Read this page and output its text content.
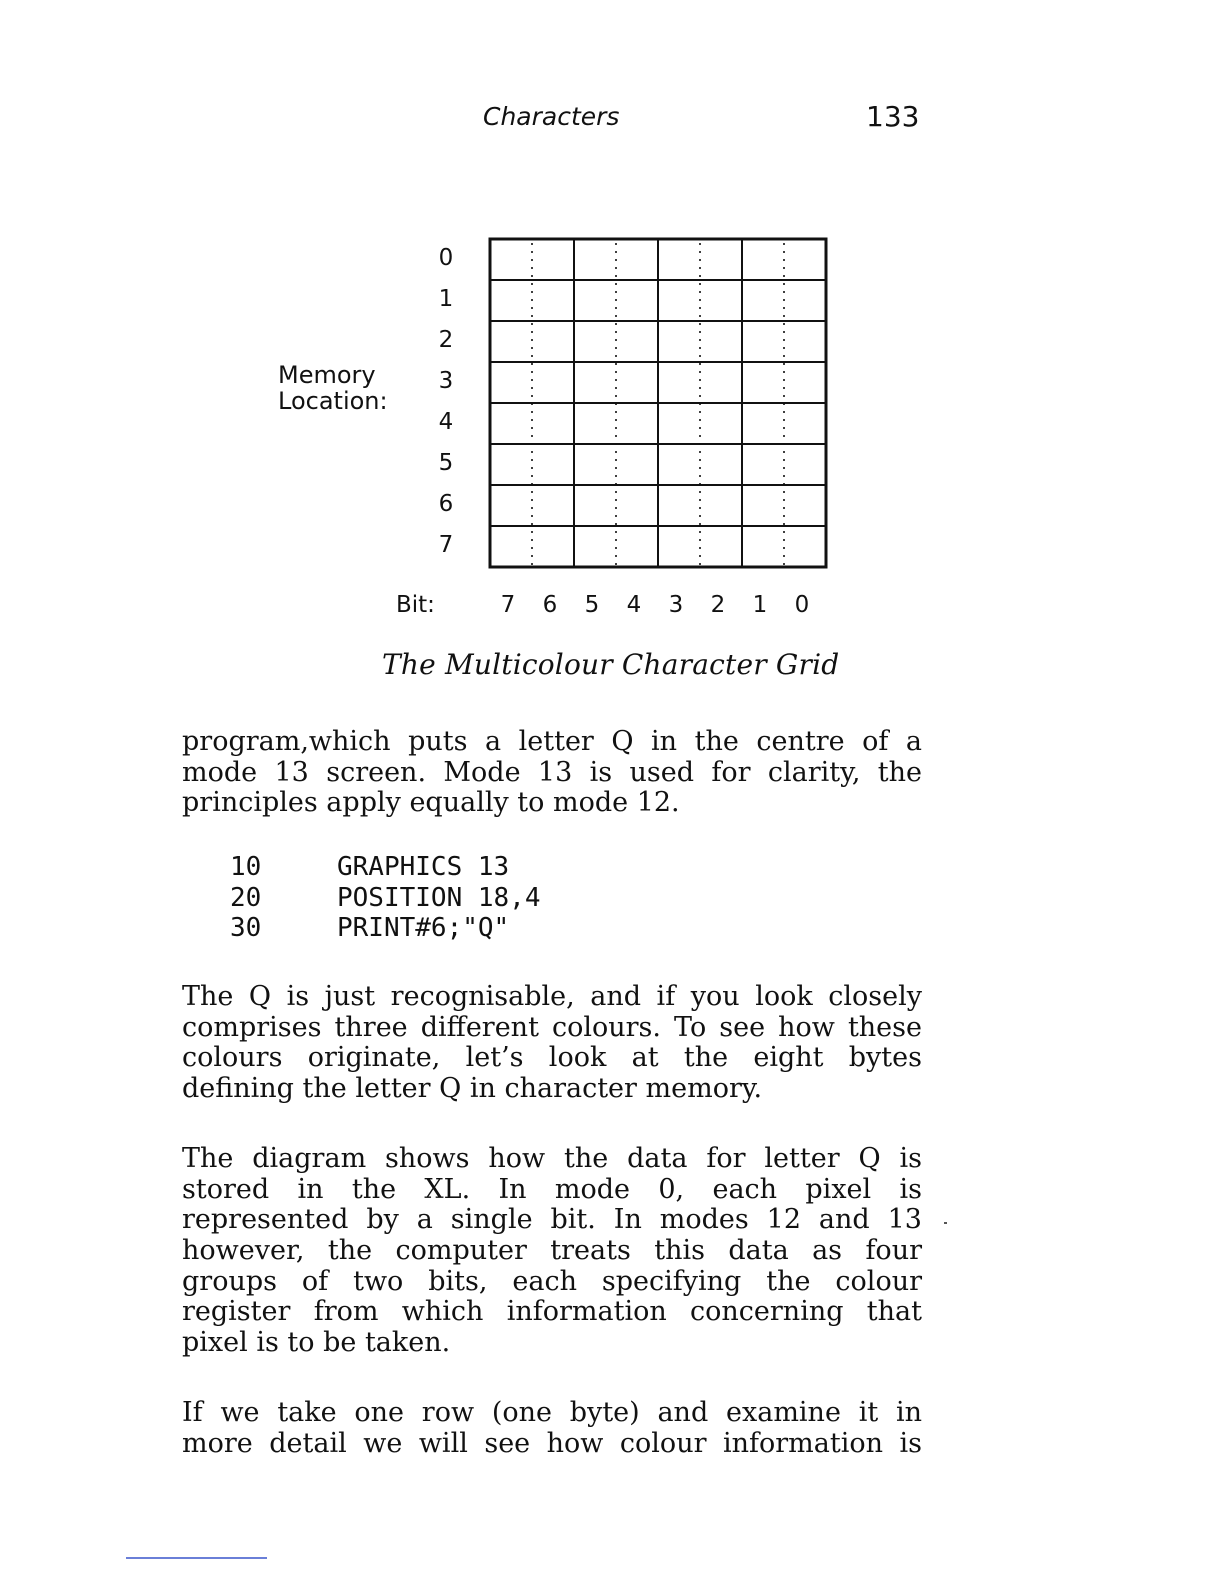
Characters	133
Memory
Location:
0
1
2
3
4
5
6
7
Bit:	7 6 5 4 3 2 1 0
The Multicolour Character Grid
program,which puts a letter Q in the centre of a
mode 13 screen. Mode 13 is used for clarity, the
principles apply equally to mode 12.
10	GRAPHICS 13
20	POSITION 18,4
30	PRINT#6;"Q"
The Q is just recognisable, and if you look closely
comprises three different colours. To see how these
colours originate, let’s look at the eight bytes
defining the letter Q in character memory.
The diagram shows how the data for letter Q is
stored in the XL. In mode 0, each pixel is
represented by a single bit. In modes 12 and 13
however, the computer treats this data as four
groups of two bits, each specifying the colour
register from which information concerning that
pixel is to be taken.
If we take one row (one byte) and examine it in
more detail we will see how colour information is
